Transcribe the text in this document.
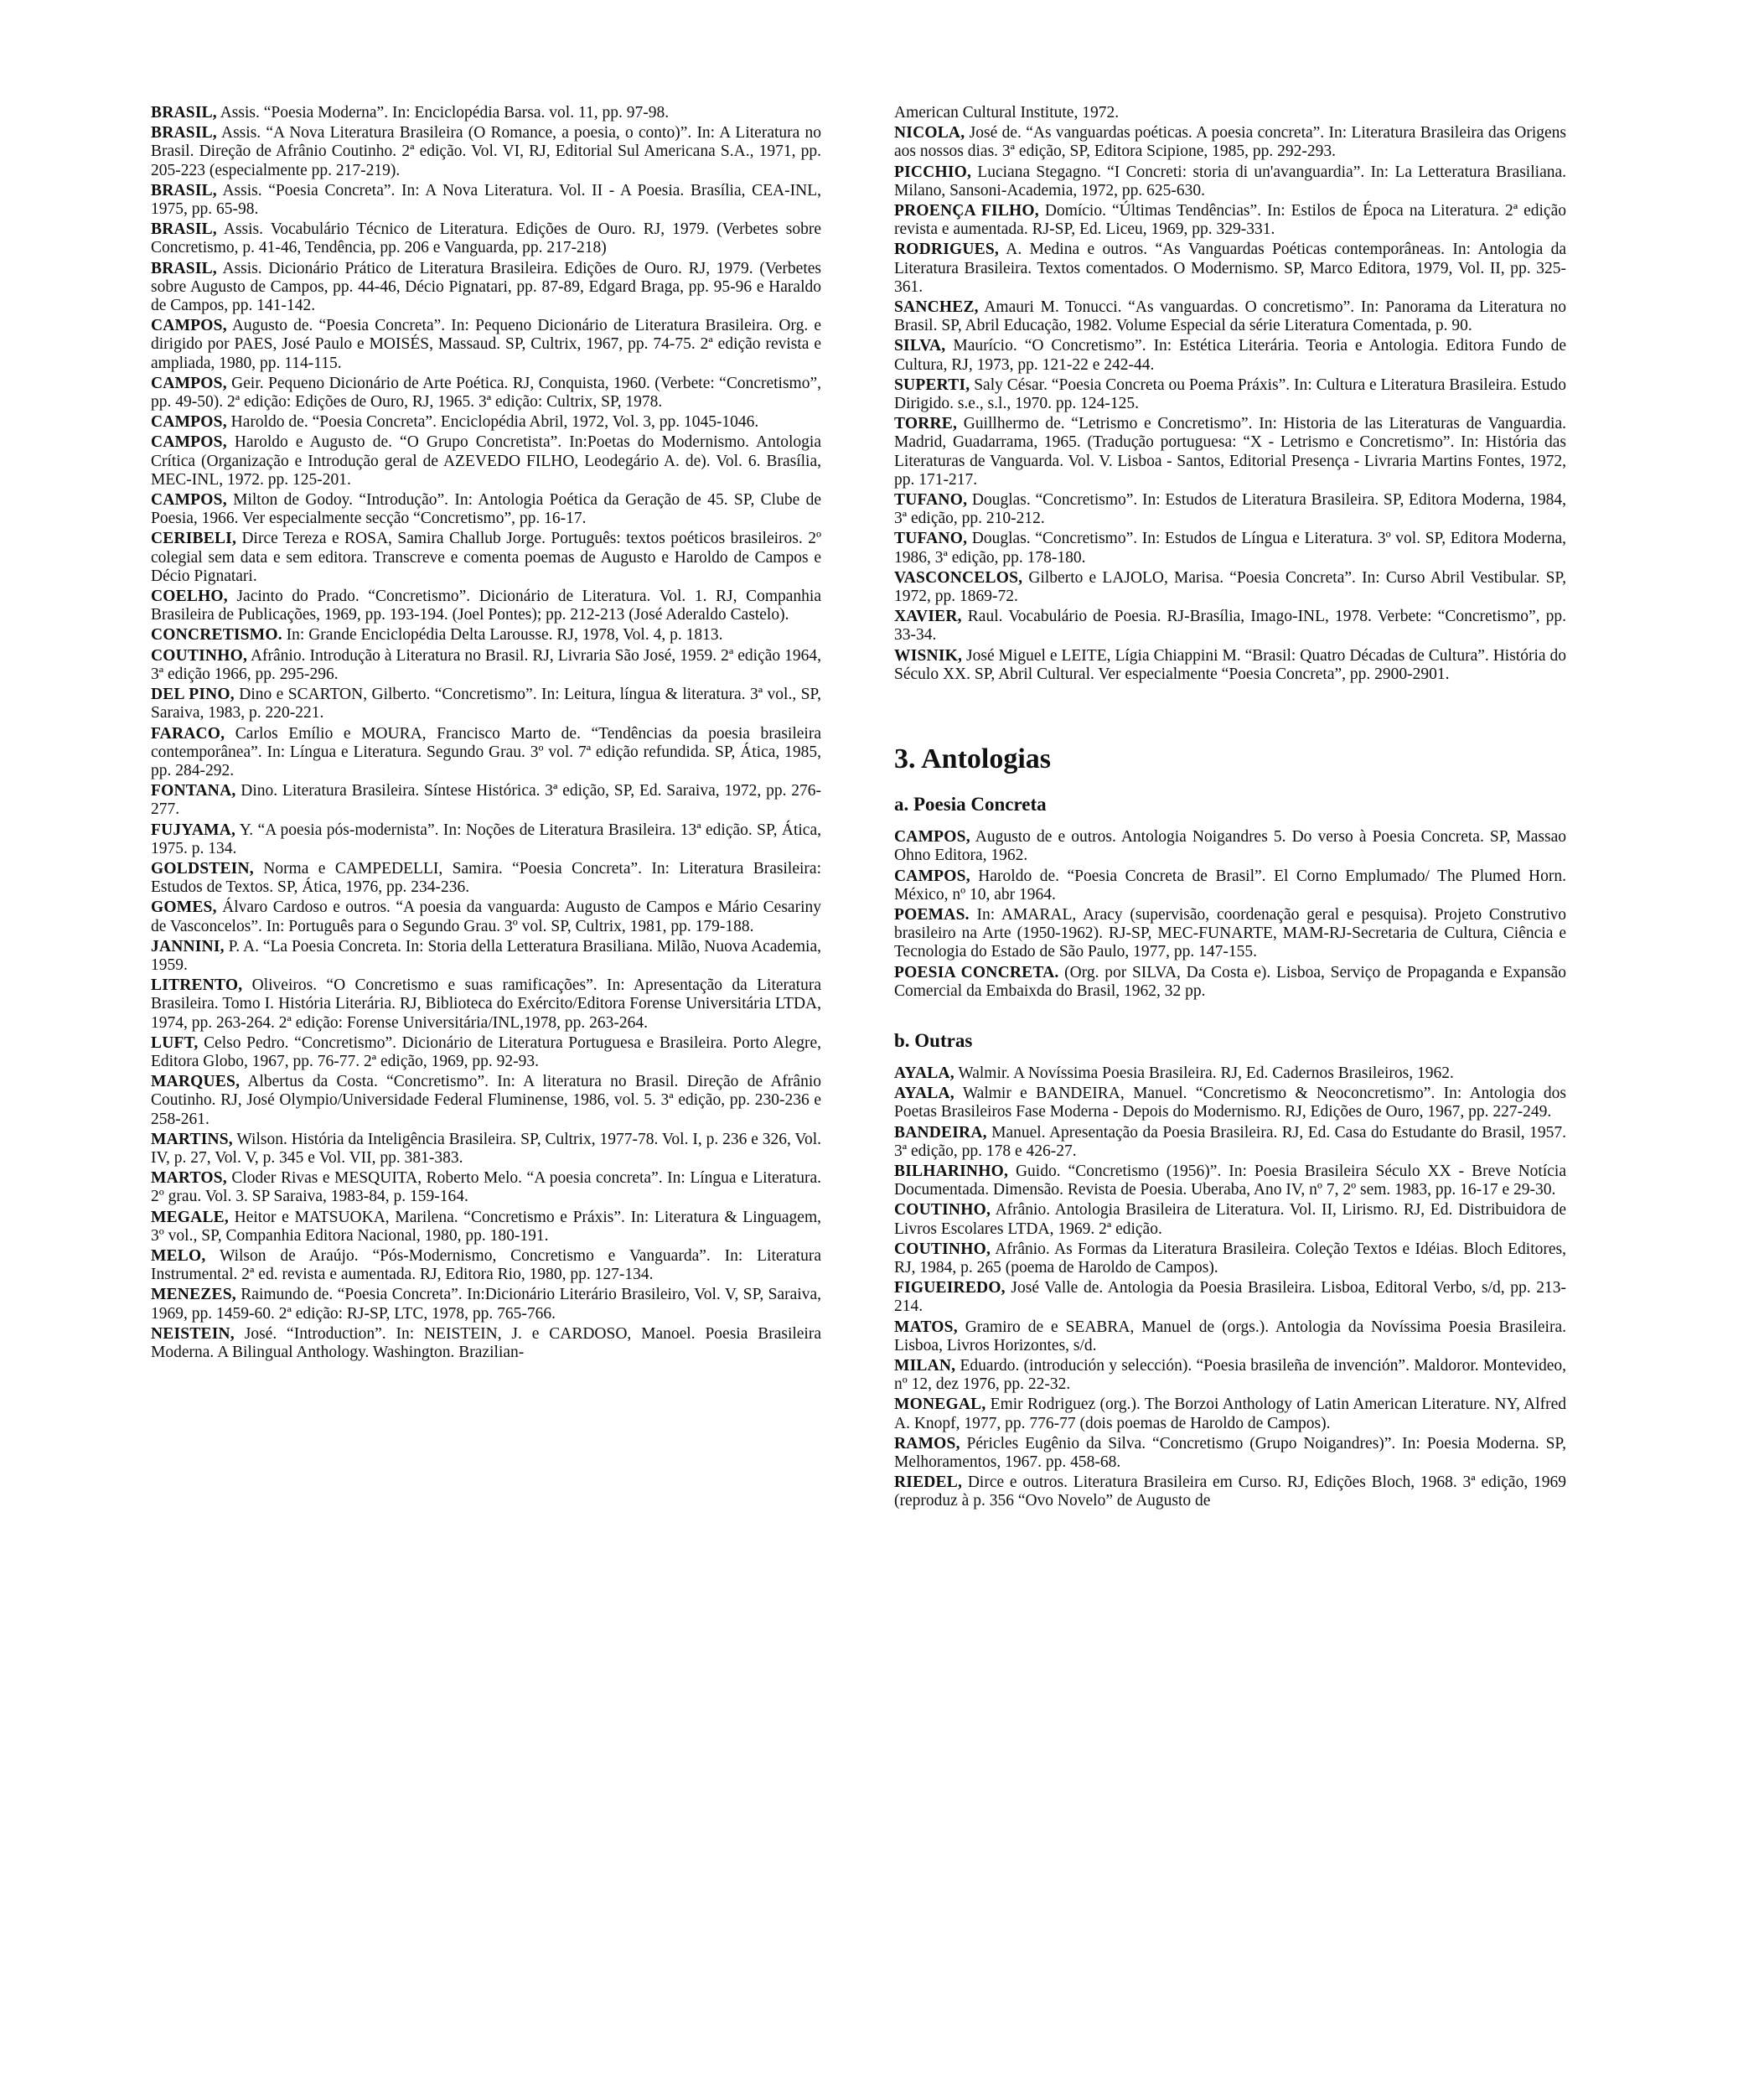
BRASIL, Assis. “Poesia Moderna”. In: Enciclopédia Barsa. vol. 11, pp. 97-98.

BRASIL, Assis. “A Nova Literatura Brasileira (O Romance, a poesia, o conto)”. In: A Literatura no Brasil. Direção de Afrânio Coutinho. 2ª edição. Vol. VI, RJ, Editorial Sul Americana S.A., 1971, pp. 205-223 (especialmente pp. 217-219).

BRASIL, Assis. “Poesia Concreta”. In: A Nova Literatura. Vol. II - A Poesia. Brasília, CEA-INL, 1975, pp. 65-98.

BRASIL, Assis. Vocabulário Técnico de Literatura. Edições de Ouro. RJ, 1979. (Verbetes sobre Concretismo, p. 41-46, Tendência, pp. 206 e Vanguarda, pp. 217-218)

BRASIL, Assis. Dicionário Prático de Literatura Brasileira. Edições de Ouro. RJ, 1979. (Verbetes sobre Augusto de Campos, pp. 44-46, Décio Pignatari, pp. 87-89, Edgard Braga, pp. 95-96 e Haraldo de Campos, pp. 141-142.

CAMPOS, Augusto de. “Poesia Concreta”. In: Pequeno Dicionário de Literatura Brasileira. Org. e dirigido por PAES, José Paulo e MOISÉS, Massaud. SP, Cultrix, 1967, pp. 74-75. 2ª edição revista e ampliada, 1980, pp. 114-115.

CAMPOS, Geir. Pequeno Dicionário de Arte Poética. RJ, Conquista, 1960. (Verbete: “Concretismo”, pp. 49-50). 2ª edição: Edições de Ouro, RJ, 1965. 3ª edição: Cultrix, SP, 1978.

CAMPOS, Haroldo de. “Poesia Concreta”. Enciclopédia Abril, 1972, Vol. 3, pp. 1045-1046.

CAMPOS, Haroldo e Augusto de. “O Grupo Concretista”. In:Poetas do Modernismo. Antologia Crítica (Organização e Introdução geral de AZEVEDO FILHO, Leodegário A. de). Vol. 6. Brasília, MEC-INL, 1972. pp. 125-201.

CAMPOS, Milton de Godoy. “Introdução”. In: Antologia Poética da Geração de 45. SP, Clube de Poesia, 1966. Ver especialmente secção “Concretismo”, pp. 16-17.

CERIBELI, Dirce Tereza e ROSA, Samira Challub Jorge. Português: textos poéticos brasileiros. 2º colegial sem data e sem editora. Transcreve e comenta poemas de Augusto e Haroldo de Campos e Décio Pignatari.

COELHO, Jacinto do Prado. “Concretismo”. Dicionário de Literatura. Vol. 1. RJ, Companhia Brasileira de Publicações, 1969, pp. 193-194. (Joel Pontes); pp. 212-213 (José Aderaldo Castelo).

CONCRETISMO. In: Grande Enciclopédia Delta Larousse. RJ, 1978, Vol. 4, p. 1813.

COUTINHO, Afrânio. Introdução à Literatura no Brasil. RJ, Livraria São José, 1959. 2ª edição 1964, 3ª edição 1966, pp. 295-296.

DEL PINO, Dino e SCARTON, Gilberto. “Concretismo”. In: Leitura, língua & literatura. 3ª vol., SP, Saraiva, 1983, p. 220-221.

FARACO, Carlos Emílio e MOURA, Francisco Marto de. “Tendências da poesia brasileira contemporânea”. In: Língua e Literatura. Segundo Grau. 3º vol. 7ª edição refundida. SP, Ática, 1985, pp. 284-292.

FONTANA, Dino. Literatura Brasileira. Síntese Histórica. 3ª edição, SP, Ed. Saraiva, 1972, pp. 276-277.

FUJYAMA, Y. “A poesia pós-modernista”. In: Noções de Literatura Brasileira. 13ª edição. SP, Ática, 1975. p. 134.

GOLDSTEIN, Norma e CAMPEDELLI, Samira. “Poesia Concreta”. In: Literatura Brasileira: Estudos de Textos. SP, Ática, 1976, pp. 234-236.

GOMES, Álvaro Cardoso e outros. “A poesia da vanguarda: Augusto de Campos e Mário Cesariny de Vasconcelos”. In: Português para o Segundo Grau. 3º vol. SP, Cultrix, 1981, pp. 179-188.

JANNINI, P. A. “La Poesia Concreta. In: Storia della Letteratura Brasiliana. Milão, Nuova Academia, 1959.

LITRENTO, Oliveiros. “O Concretismo e suas ramificações”. In: Apresentação da Literatura Brasileira. Tomo I. História Literária. RJ, Biblioteca do Exército/Editora Forense Universitária LTDA, 1974, pp. 263-264. 2ª edição: Forense Universitária/INL,1978, pp. 263-264.

LUFT, Celso Pedro. “Concretismo”. Dicionário de Literatura Portuguesa e Brasileira. Porto Alegre, Editora Globo, 1967, pp. 76-77. 2ª edição, 1969, pp. 92-93.

MARQUES, Albertus da Costa. “Concretismo”. In: A literatura no Brasil. Direção de Afrânio Coutinho. RJ, José Olympio/Universidade Federal Fluminense, 1986, vol. 5. 3ª edição, pp. 230-236 e 258-261.

MARTINS, Wilson. História da Inteligência Brasileira. SP, Cultrix, 1977-78. Vol. I, p. 236 e 326, Vol. IV, p. 27, Vol. V, p. 345 e Vol. VII, pp. 381-383.

MARTOS, Cloder Rivas e MESQUITA, Roberto Melo. “A poesia concreta”. In: Língua e Literatura. 2º grau. Vol. 3. SP Saraiva, 1983-84, p. 159-164.

MEGALE, Heitor e MATSUOKA, Marilena. “Concretismo e Práxis”. In: Literatura & Linguagem, 3º vol., SP, Companhia Editora Nacional, 1980, pp. 180-191.

MELO, Wilson de Araújo. “Pós-Modernismo, Concretismo e Vanguarda”. In: Literatura Instrumental. 2ª ed. revista e aumentada. RJ, Editora Rio, 1980, pp. 127-134.

MENEZES, Raimundo de. “Poesia Concreta”. In:Dicionário Literário Brasileiro, Vol. V, SP, Saraiva, 1969, pp. 1459-60. 2ª edição: RJ-SP, LTC, 1978, pp. 765-766.

NEISTEIN, José. “Introduction”. In: NEISTEIN, J. e CARDOSO, Manoel. Poesia Brasileira Moderna. A Bilingual Anthology. Washington. Brazilian-

American Cultural Institute, 1972.

NICOLA, José de. “As vanguardas poéticas. A poesia concreta”. In: Literatura Brasileira das Origens aos nossos dias. 3ª edição, SP, Editora Scipione, 1985, pp. 292-293.

PICCHIO, Luciana Stegagno. “I Concreti: storia di un'avanguardia”. In: La Letteratura Brasiliana. Milano, Sansoni-Academia, 1972, pp. 625-630.

PROENÇA FILHO, Domício. “Últimas Tendências”. In: Estilos de Época na Literatura. 2ª edição revista e aumentada. RJ-SP, Ed. Liceu, 1969, pp. 329-331.

RODRIGUES, A. Medina e outros. “As Vanguardas Poéticas contemporâneas. In: Antologia da Literatura Brasileira. Textos comentados. O Modernismo. SP, Marco Editora, 1979, Vol. II, pp. 325-361.

SANCHEZ, Amauri M. Tonucci. “As vanguardas. O concretismo”. In: Panorama da Literatura no Brasil. SP, Abril Educação, 1982. Volume Especial da série Literatura Comentada, p. 90.

SILVA, Maurício. “O Concretismo”. In: Estética Literária. Teoria e Antologia. Editora Fundo de Cultura, RJ, 1973, pp. 121-22 e 242-44.

SUPERTI, Saly César. “Poesia Concreta ou Poema Práxis”. In: Cultura e Literatura Brasileira. Estudo Dirigido. s.e., s.l., 1970. pp. 124-125.

TORRE, Guillhermo de. “Letrismo e Concretismo”. In: Historia de las Literaturas de Vanguardia. Madrid, Guadarrama, 1965. (Tradução portuguesa: “X - Letrismo e Concretismo”. In: História das Literaturas de Vanguarda. Vol. V. Lisboa - Santos, Editorial Presença - Livraria Martins Fontes, 1972, pp. 171-217.

TUFANO, Douglas. “Concretismo”. In: Estudos de Literatura Brasileira. SP, Editora Moderna, 1984, 3ª edição, pp. 210-212.

TUFANO, Douglas. “Concretismo”. In: Estudos de Língua e Literatura. 3º vol. SP, Editora Moderna, 1986, 3ª edição, pp. 178-180.

VASCONCELOS, Gilberto e LAJOLO, Marisa. “Poesia Concreta”. In: Curso Abril Vestibular. SP, 1972, pp. 1869-72.

XAVIER, Raul. Vocabulário de Poesia. RJ-Brasília, Imago-INL, 1978. Verbete: “Concretismo”, pp. 33-34.

WISNIK, José Miguel e LEITE, Lígia Chiappini M. “Brasil: Quatro Décadas de Cultura”. História do Século XX. SP, Abril Cultural. Ver especialmente “Poesia Concreta”, pp. 2900-2901.

3. Antologias
a. Poesia Concreta

CAMPOS, Augusto de e outros. Antologia Noigandres 5. Do verso à Poesia Concreta. SP, Massao Ohno Editora, 1962.

CAMPOS, Haroldo de. “Poesia Concreta de Brasil”. El Corno Emplumado/ The Plumed Horn. México, nº 10, abr 1964.

POEMAS. In: AMARAL, Aracy (supervisão, coordenação geral e pesquisa). Projeto Construtivo brasileiro na Arte (1950-1962). RJ-SP, MEC-FUNARTE, MAM-RJ-Secretaria de Cultura, Ciência e Tecnologia do Estado de São Paulo, 1977, pp. 147-155.

POESIA CONCRETA. (Org. por SILVA, Da Costa e). Lisboa, Serviço de Propaganda e Expansão Comercial da Embaixda do Brasil, 1962, 32 pp.

b. Outras

AYALA, Walmir. A Novíssima Poesia Brasileira. RJ, Ed. Cadernos Brasileiros, 1962.

AYALA, Walmir e BANDEIRA, Manuel. “Concretismo & Neoconcretismo”. In: Antologia dos Poetas Brasileiros Fase Moderna - Depois do Modernismo. RJ, Edições de Ouro, 1967, pp. 227-249.

BANDEIRA, Manuel. Apresentação da Poesia Brasileira. RJ, Ed. Casa do Estudante do Brasil, 1957. 3ª edição, pp. 178 e 426-27.

BILHARINHO, Guido. “Concretismo (1956)”. In: Poesia Brasileira Século XX - Breve Notícia Documentada. Dimensão. Revista de Poesia. Uberaba, Ano IV, nº 7, 2º sem. 1983, pp. 16-17 e 29-30.

COUTINHO, Afrânio. Antologia Brasileira de Literatura. Vol. II, Lirismo. RJ, Ed. Distribuidora de Livros Escolares LTDA, 1969. 2ª edição.

COUTINHO, Afrânio. As Formas da Literatura Brasileira. Coleção Textos e Idéias. Bloch Editores, RJ, 1984, p. 265 (poema de Haroldo de Campos).

FIGUEIREDO, José Valle de. Antologia da Poesia Brasileira. Lisboa, Editoral Verbo, s/d, pp. 213-214.

MATOS, Gramiro de e SEABRA, Manuel de (orgs.). Antologia da Novíssima Poesia Brasileira. Lisboa, Livros Horizontes, s/d.

MILAN, Eduardo. (introdución y selección). “Poesia brasileña de invención”. Maldoror. Montevideo, nº 12, dez 1976, pp. 22-32.

MONEGAL, Emir Rodriguez (org.). The Borzoi Anthology of Latin American Literature. NY, Alfred A. Knopf, 1977, pp. 776-77 (dois poemas de Haroldo de Campos).

RAMOS, Péricles Eugênio da Silva. “Concretismo (Grupo Noigandres)”. In: Poesia Moderna. SP, Melhoramentos, 1967. pp. 458-68.

RIEDEL, Dirce e outros. Literatura Brasileira em Curso. RJ, Edições Bloch, 1968. 3ª edição, 1969 (reproduz à p. 356 “Ovo Novelo” de Augusto de
